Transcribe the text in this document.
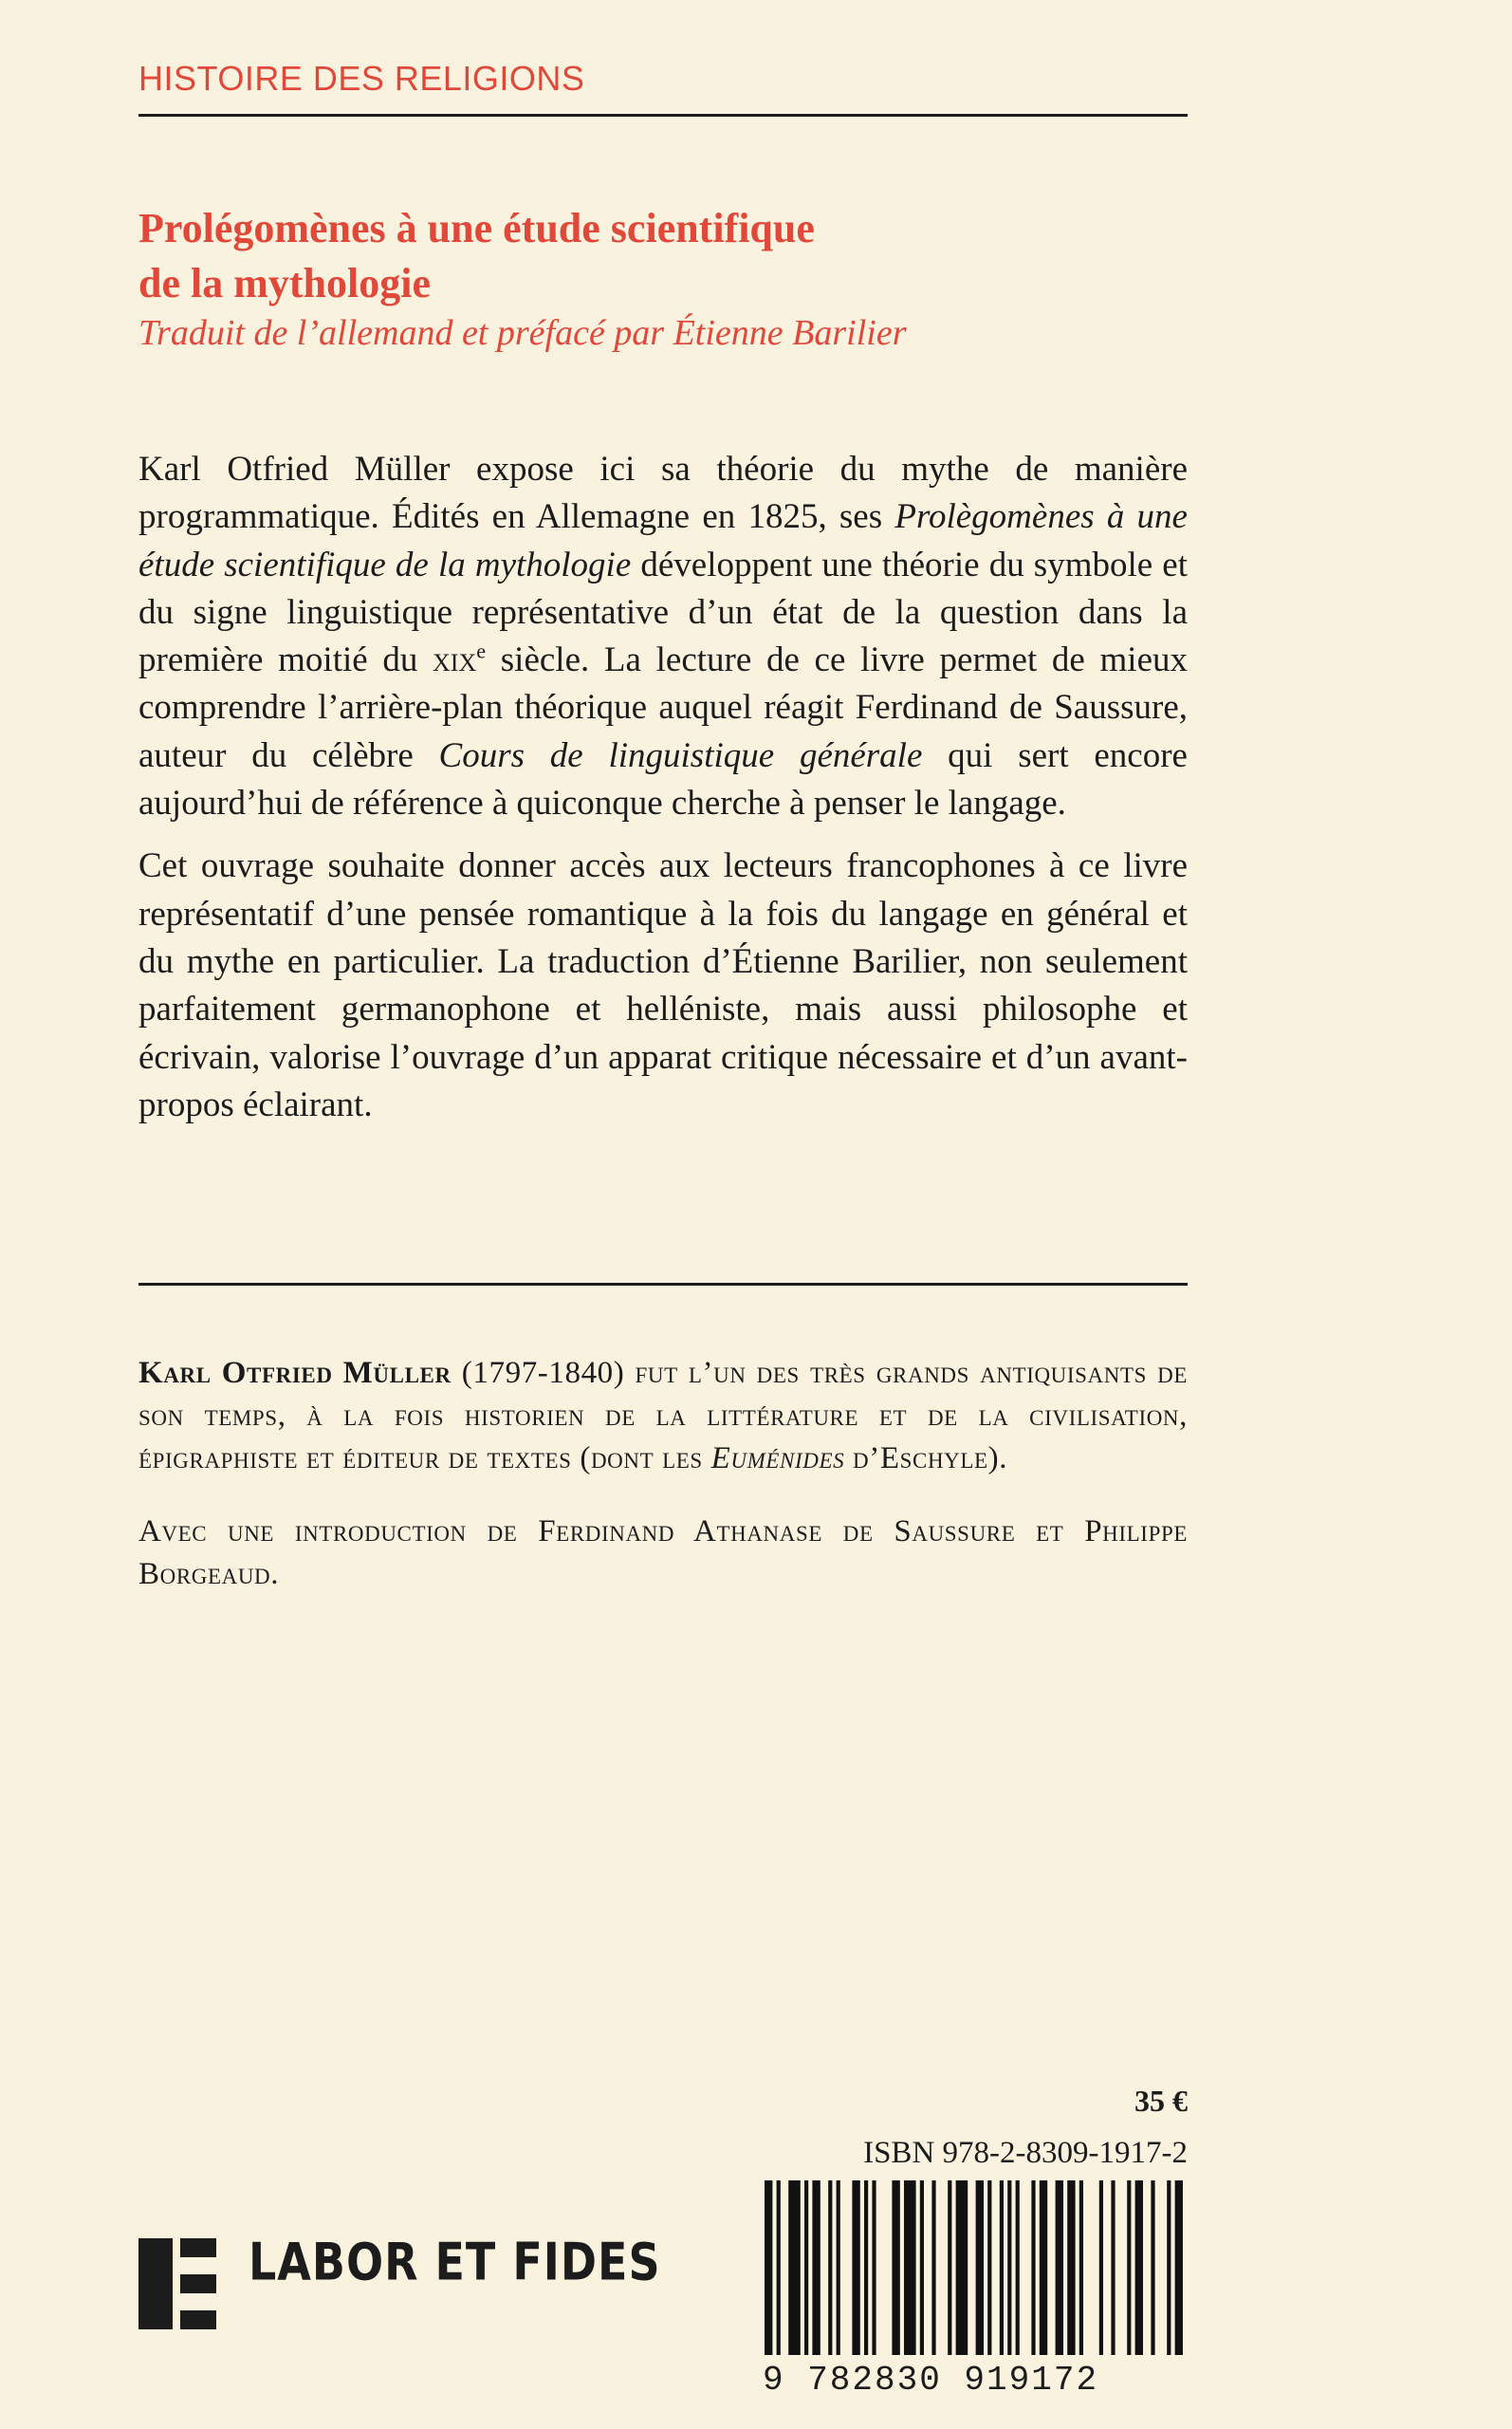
HISTOIRE DES RELIGIONS
Prolégomènes à une étude scientifique
de la mythologie
Traduit de l’allemand et préfacé par Étienne Barilier

Karl Otfried Müller expose ici sa théorie du mythe de manière programmatique. Édités en Allemagne en 1825, ses Prolègomènes à une étude scientifique de la mythologie développent une théorie du symbole et du signe linguistique représentative d’un état de la question dans la première moitié du xix$^e$ siècle. La lecture de ce livre permet de mieux comprendre l’arrière-plan théorique auquel réagit Ferdinand de Saussure, auteur du célèbre Cours de linguistique générale qui sert encore aujourd’hui de référence à quiconque cherche à penser le langage.

Cet ouvrage souhaite donner accès aux lecteurs francophones à ce livre représentatif d’une pensée romantique à la fois du langage en général et du mythe en particulier. La traduction d’Étienne Barilier, non seulement parfaitement germanophone et helléniste, mais aussi philosophe et écrivain, valorise l’ouvrage d’un apparat critique nécessaire et d’un avant-propos éclairant.

Karl Otfried Müller (1797-1840) fut l’un des très grands antiquisants de son temps, à la fois historien de la littérature et de la civilisation, épigraphiste et éditeur de textes (dont les Euménides d’Eschyle).

Avec une introduction de Ferdinand Athanase de Saussure et Philippe Borgeaud.

35 €
ISBN 978-2-8309-1917-2
9 782830 919172
LABOR ET FIDES
